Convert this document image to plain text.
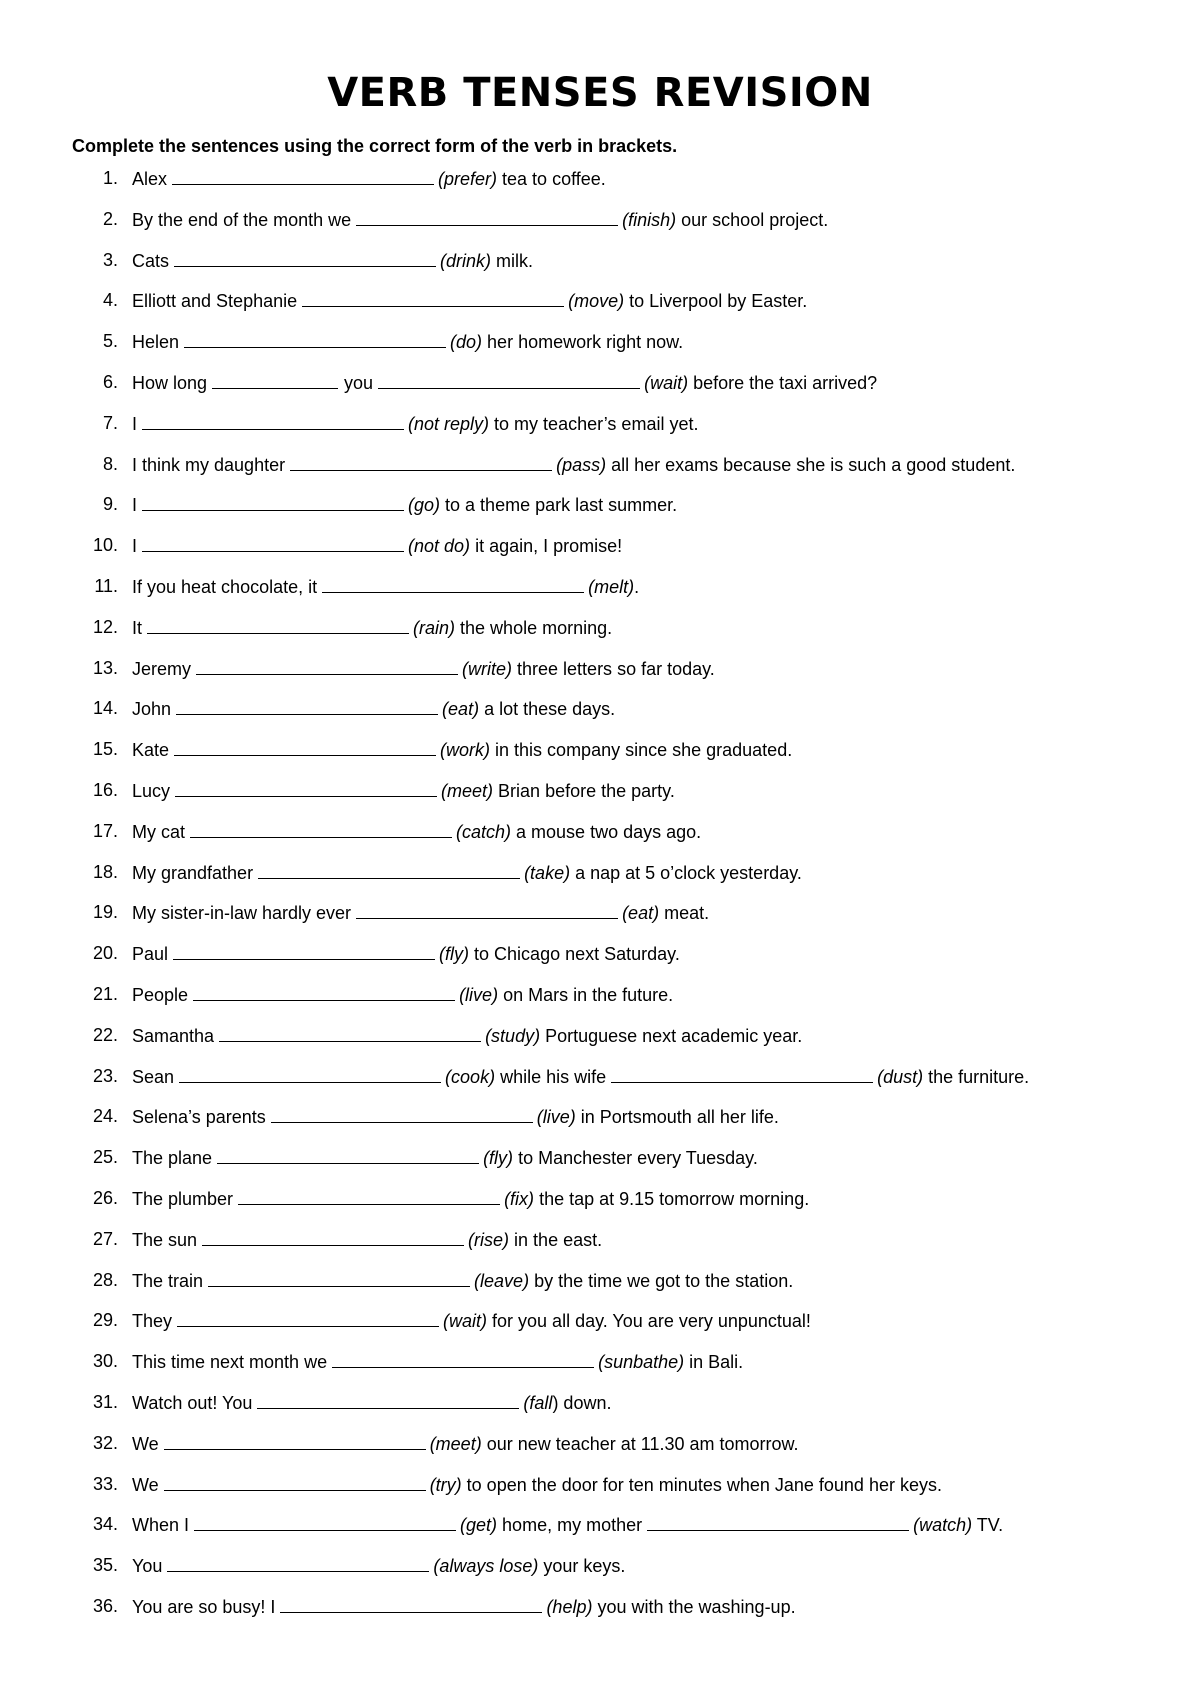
VERB TENSES REVISION

Complete the sentences using the correct form of the verb in brackets.

1. Alex	(prefer) tea to coffee.
2. By the end of the month we	(finish) our school project.
3. Cats	(drink) milk.
4. Elliott and Stephanie	(move) to Liverpool by Easter.
5. Helen	(do) her homework right now.
6. How long	you	(wait) before the taxi arrived?
7. I	(not reply) to my teacher’s email yet.
8. I think my daughter	(pass) all her exams because she is such a good student.
9. I	(go) to a theme park last summer.
10. I	(not do) it again, I promise!
11. If you heat chocolate, it	(melt).
12. It	(rain) the whole morning.
13. Jeremy	(write) three letters so far today.
14. John	(eat) a lot these days.
15. Kate	(work) in this company since she graduated.
16. Lucy	(meet) Brian before the party.
17. My cat	(catch) a mouse two days ago.
18. My grandfather	(take) a nap at 5 o’clock yesterday.
19. My sister-in-law hardly ever	(eat) meat.
20. Paul	(fly) to Chicago next Saturday.
21. People	(live) on Mars in the future.
22. Samantha	(study) Portuguese next academic year.
23. Sean	(cook) while his wife	(dust) the furniture.
24. Selena’s parents	(live) in Portsmouth all her life.
25. The plane	(fly) to Manchester every Tuesday.
26. The plumber	(fix) the tap at 9.15 tomorrow morning.
27. The sun	(rise) in the east.
28. The train	(leave) by the time we got to the station.
29. They	(wait) for you all day. You are very unpunctual!
30. This time next month we	(sunbathe) in Bali.
31. Watch out! You	(fall) down.
32. We	(meet) our new teacher at 11.30 am tomorrow.
33. We	(try) to open the door for ten minutes when Jane found her keys.
34. When I	(get) home, my mother	(watch) TV.
35. You	(always lose) your keys.
36. You are so busy! I	(help) you with the washing-up.
